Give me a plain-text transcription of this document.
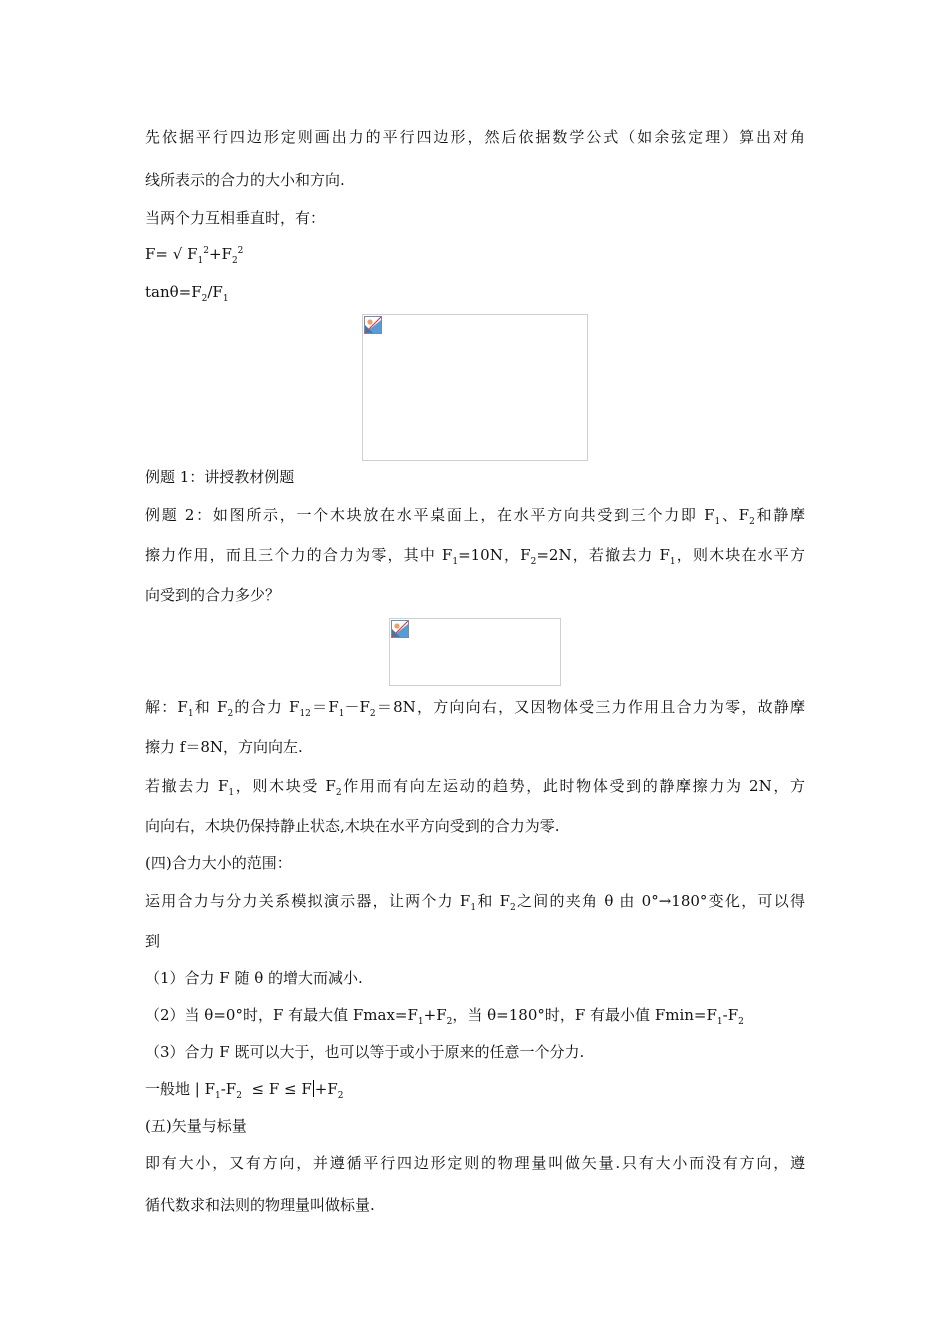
先依据平行四边形定则画出力的平行四边形，然后依据数学公式（如余弦定理）算出对角
线所表示的合力的大小和方向.
当两个力互相垂直时，有：
F= √ $F_1^2+F_2^2$
$\tan\theta=F_2/F_1$
例题 1：讲授教材例题
例题 2：如图所示，一个木块放在水平桌面上，在水平方向共受到三个力即 $F_1$、$F_2$和静摩
擦力作用，而且三个力的合力为零，其中 $F_1=10N$，$F_2=2N$，若撤去力 $F_1$，则木块在水平方
向受到的合力多少？
解：$F_1$和 $F_2$的合力 $F_{12}=F_1-F_2=8N$，方向向右，又因物体受三力作用且合力为零，故静摩
擦力 f＝8N，方向向左.
若撤去力 $F_1$，则木块受 $F_2$作用而有向左运动的趋势，此时物体受到的静摩擦力为 2N，方
向向右，木块仍保持静止状态,木块在水平方向受到的合力为零.
(四)合力大小的范围：
运用合力与分力关系模拟演示器，让两个力 $F_1$和 $F_2$之间的夹角 θ 由 0°→180°变化，可以得
到
（1）合力 F 随 θ 的增大而减小.
（2）当 θ=0°时，F 有最大值 $Fmax=F_1+F_2$，当 θ=180°时，F 有最小值 $Fmin=F_1-F_2$
（3）合力 F 既可以大于，也可以等于或小于原来的任意一个分力.
一般地 | $F_1-F_2 \le F \le F +F_2$
(五)矢量与标量
即有大小，又有方向，并遵循平行四边形定则的物理量叫做矢量.只有大小而没有方向，遵
循代数求和法则的物理量叫做标量.
